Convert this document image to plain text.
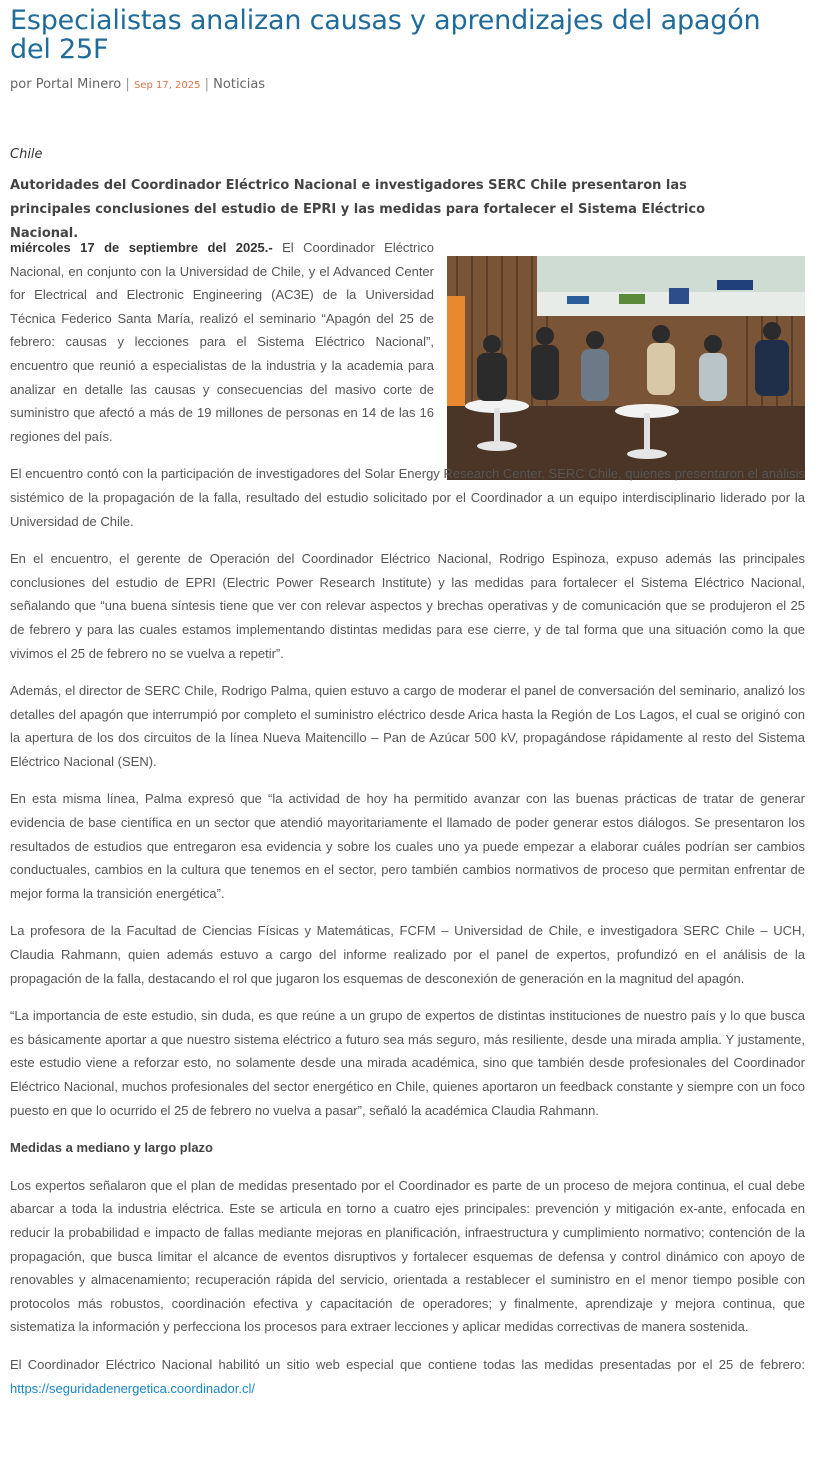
Especialistas analizan causas y aprendizajes del apagón del 25F
por Portal Minero | Sep 17, 2025 | Noticias
Chile
Autoridades del Coordinador Eléctrico Nacional e investigadores SERC Chile presentaron las principales conclusiones del estudio de EPRI y las medidas para fortalecer el Sistema Eléctrico Nacional.

miércoles 17 de septiembre del 2025.- El Coordinador Eléctrico Nacional, en conjunto con la Universidad de Chile, y el Advanced Center for Electrical and Electronic Engineering (AC3E) de la Universidad Técnica Federico Santa María, realizó el seminario “Apagón del 25 de febrero: causas y lecciones para el Sistema Eléctrico Nacional”, encuentro que reunió a especialistas de la industria y la academia para analizar en detalle las causas y consecuencias del masivo corte de suministro que afectó a más de 19 millones de personas en 14 de las 16 regiones del país.

El encuentro contó con la participación de investigadores del Solar Energy Research Center, SERC Chile, quienes presentaron el análisis sistémico de la propagación de la falla, resultado del estudio solicitado por el Coordinador a un equipo interdisciplinario liderado por la Universidad de Chile.

En el encuentro, el gerente de Operación del Coordinador Eléctrico Nacional, Rodrigo Espinoza, expuso además las principales conclusiones del estudio de EPRI (Electric Power Research Institute) y las medidas para fortalecer el Sistema Eléctrico Nacional, señalando que “una buena síntesis tiene que ver con relevar aspectos y brechas operativas y de comunicación que se produjeron el 25 de febrero y para las cuales estamos implementando distintas medidas para ese cierre, y de tal forma que una situación como la que vivimos el 25 de febrero no se vuelva a repetir”.

Además, el director de SERC Chile, Rodrigo Palma, quien estuvo a cargo de moderar el panel de conversación del seminario, analizó los detalles del apagón que interrumpió por completo el suministro eléctrico desde Arica hasta la Región de Los Lagos, el cual se originó con la apertura de los dos circuitos de la línea Nueva Maitencillo – Pan de Azúcar 500 kV, propagándose rápidamente al resto del Sistema Eléctrico Nacional (SEN).

En esta misma línea, Palma expresó que “la actividad de hoy ha permitido avanzar con las buenas prácticas de tratar de generar evidencia de base científica en un sector que atendió mayoritariamente el llamado de poder generar estos diálogos. Se presentaron los resultados de estudios que entregaron esa evidencia y sobre los cuales uno ya puede empezar a elaborar cuáles podrían ser cambios conductuales, cambios en la cultura que tenemos en el sector, pero también cambios normativos de proceso que permitan enfrentar de mejor forma la transición energética”.

La profesora de la Facultad de Ciencias Físicas y Matemáticas, FCFM – Universidad de Chile, e investigadora SERC Chile – UCH, Claudia Rahmann, quien además estuvo a cargo del informe realizado por el panel de expertos, profundizó en el análisis de la propagación de la falla, destacando el rol que jugaron los esquemas de desconexión de generación en la magnitud del apagón.

“La importancia de este estudio, sin duda, es que reúne a un grupo de expertos de distintas instituciones de nuestro país y lo que busca es básicamente aportar a que nuestro sistema eléctrico a futuro sea más seguro, más resiliente, desde una mirada amplia. Y justamente, este estudio viene a reforzar esto, no solamente desde una mirada académica, sino que también desde profesionales del Coordinador Eléctrico Nacional, muchos profesionales del sector energético en Chile, quienes aportaron un feedback constante y siempre con un foco puesto en que lo ocurrido el 25 de febrero no vuelva a pasar”, señaló la académica Claudia Rahmann.

Medidas a mediano y largo plazo

Los expertos señalaron que el plan de medidas presentado por el Coordinador es parte de un proceso de mejora continua, el cual debe abarcar a toda la industria eléctrica. Este se articula en torno a cuatro ejes principales: prevención y mitigación ex-ante, enfocada en reducir la probabilidad e impacto de fallas mediante mejoras en planificación, infraestructura y cumplimiento normativo; contención de la propagación, que busca limitar el alcance de eventos disruptivos y fortalecer esquemas de defensa y control dinámico con apoyo de renovables y almacenamiento; recuperación rápida del servicio, orientada a restablecer el suministro en el menor tiempo posible con protocolos más robustos, coordinación efectiva y capacitación de operadores; y finalmente, aprendizaje y mejora continua, que sistematiza la información y perfecciona los procesos para extraer lecciones y aplicar medidas correctivas de manera sostenida.

El Coordinador Eléctrico Nacional habilitó un sitio web especial que contiene todas las medidas presentadas por el 25 de febrero: https://seguridadenergetica.coordinador.cl/
